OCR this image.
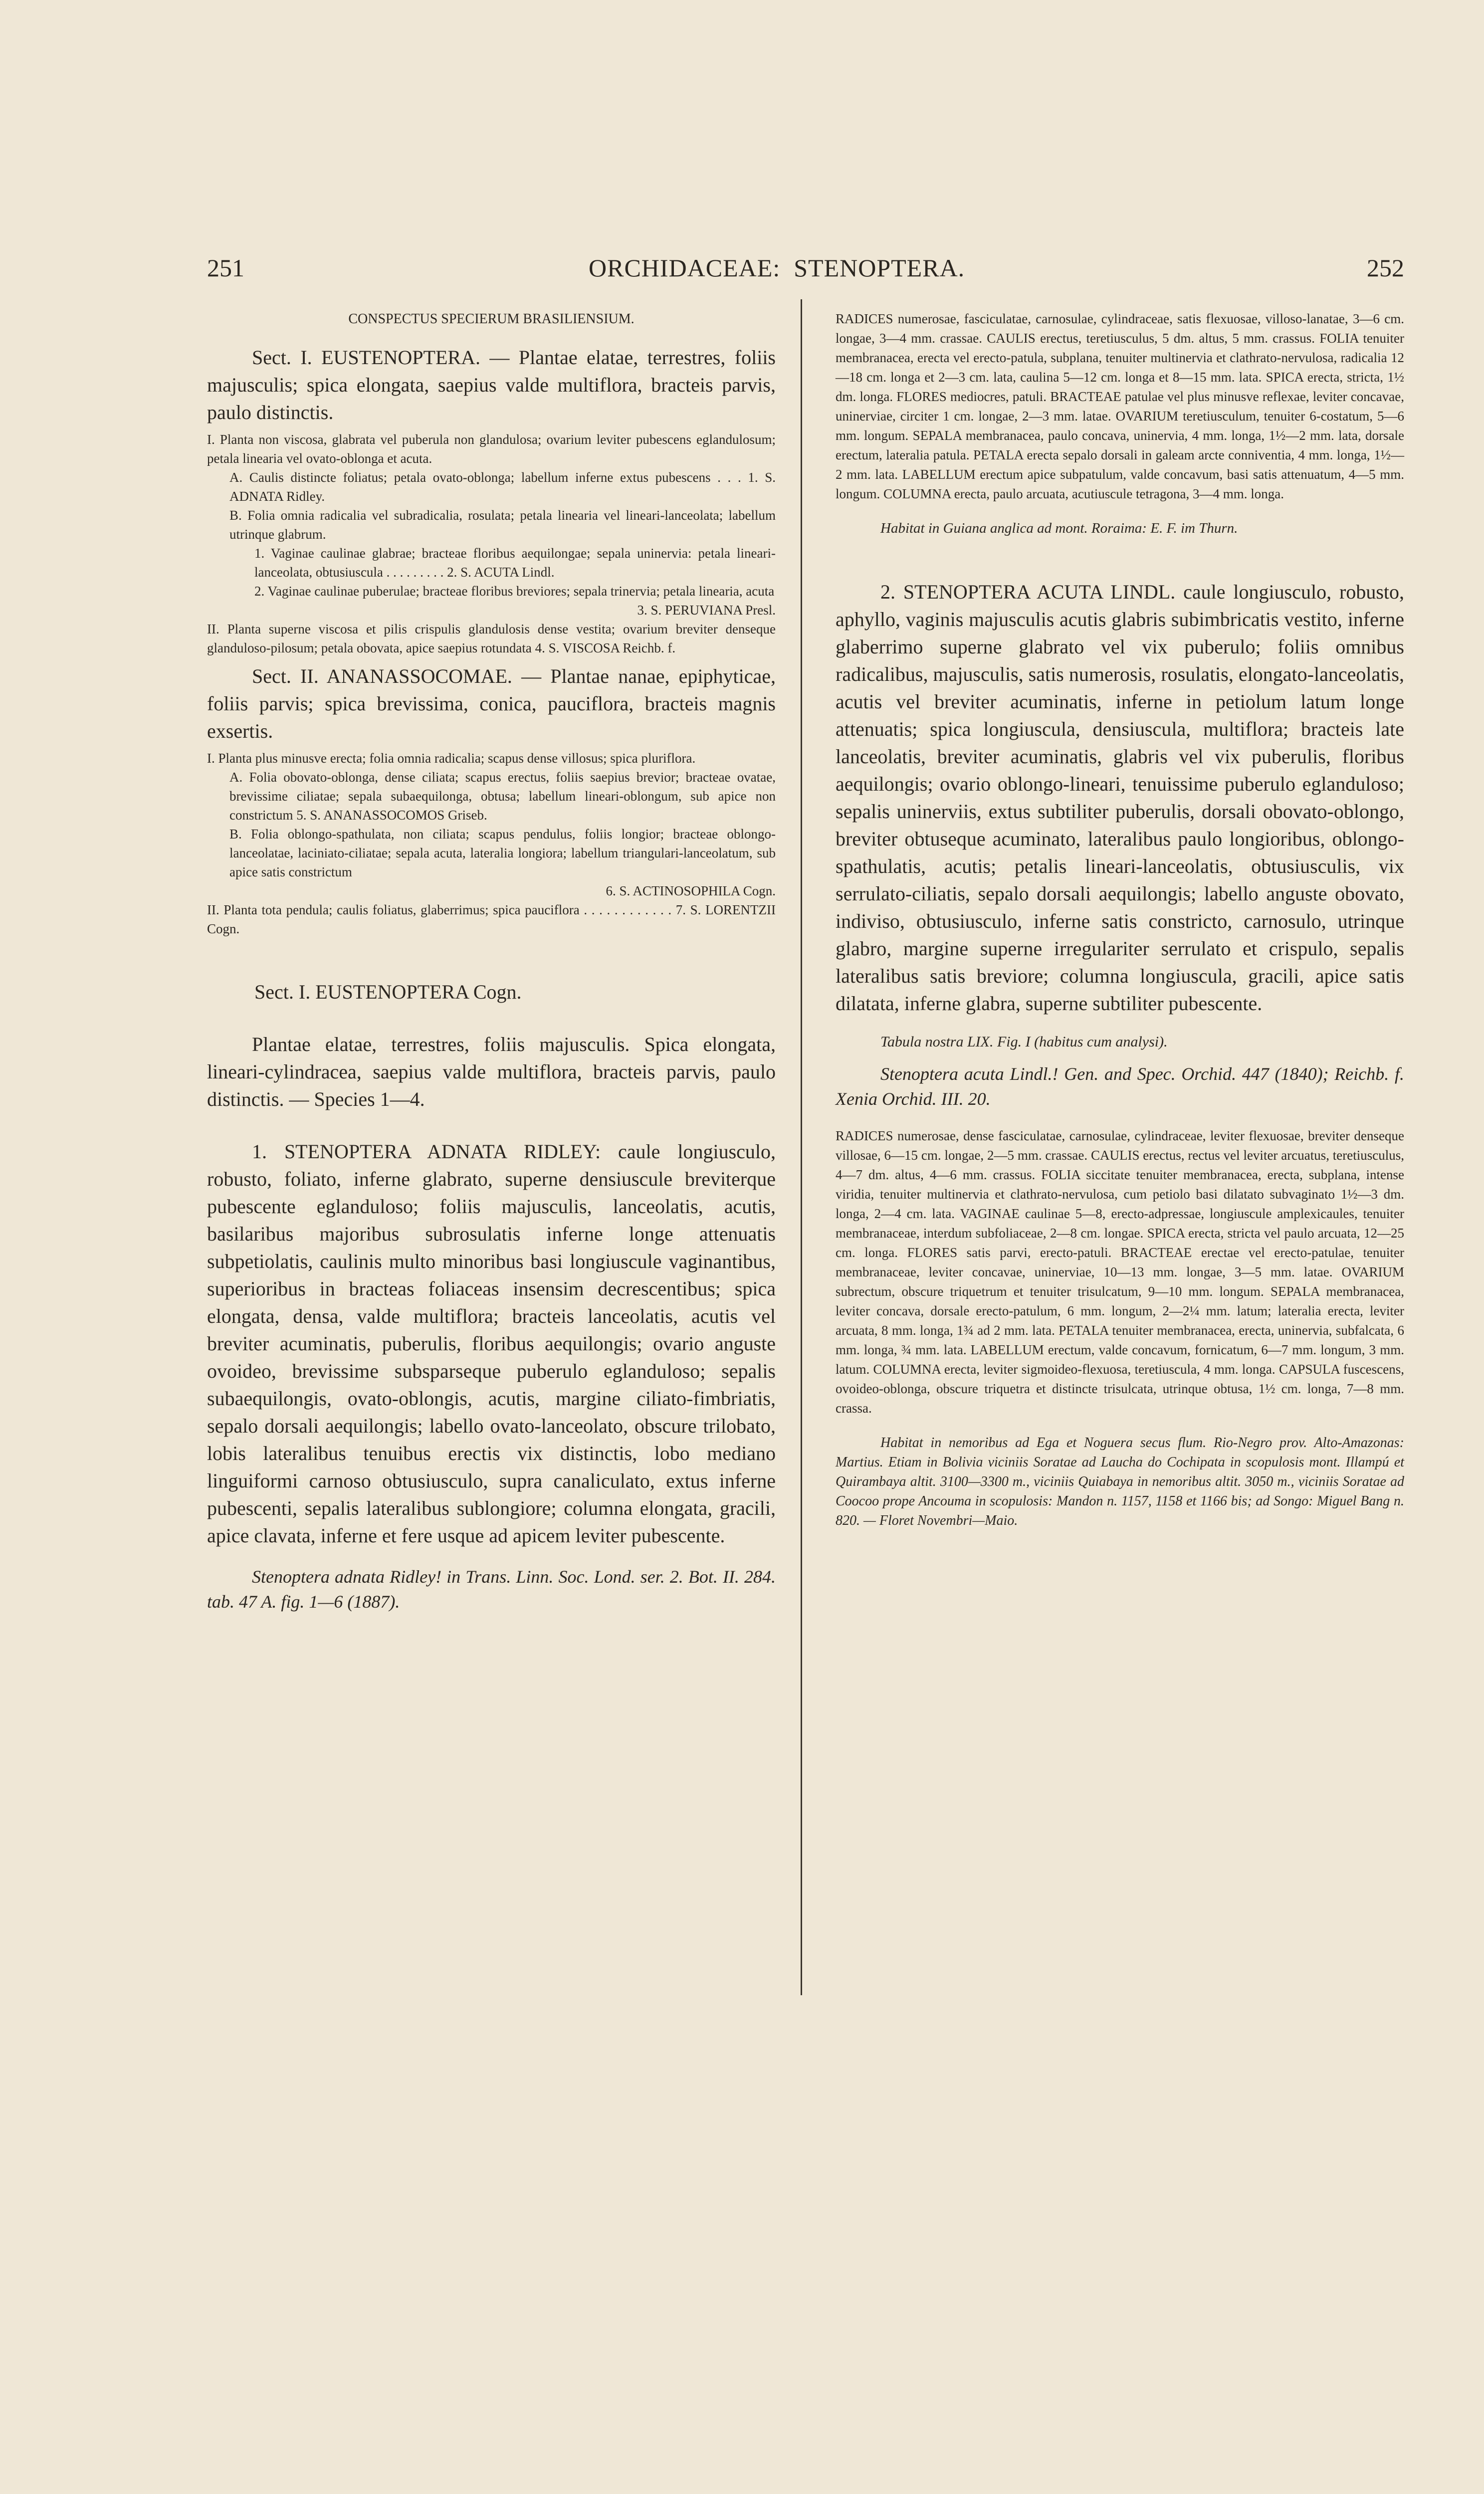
251	ORCHIDACEAE:  STENOPTERA.	252

CONSPECTUS SPECIERUM BRASILIENSIUM.

Sect. I. EUSTENOPTERA. — Plantae elatae, terrestres, foliis majusculis; spica elongata, saepius valde multiflora, bracteis parvis, paulo distinctis.

I. Planta non viscosa, glabrata vel puberula non glandulosa; ovarium leviter pubescens eglandulosum; petala linearia vel ovato-oblonga et acuta.

A. Caulis distincte foliatus; petala ovato-oblonga; labellum inferne extus pubescens . . . 1. S. ADNATA Ridley.

B. Folia omnia radicalia vel subradicalia, rosulata; petala linearia vel lineari-lanceolata; labellum utrinque glabrum.

1. Vaginae caulinae glabrae; bracteae floribus aequilongae; sepala uninervia: petala lineari-lanceolata, obtusiuscula . . . . . . . . . 2. S. ACUTA Lindl.

2. Vaginae caulinae puberulae; bracteae floribus breviores; sepala trinervia; petala linearia, acuta

3. S. PERUVIANA Presl.

II. Planta superne viscosa et pilis crispulis glandulosis dense vestita; ovarium breviter denseque glanduloso-pilosum; petala obovata, apice saepius rotundata 4. S. VISCOSA Reichb. f.

Sect. II. ANANASSOCOMAE. — Plantae nanae, epiphyticae, foliis parvis; spica brevissima, conica, pauciflora, bracteis magnis exsertis.

I. Planta plus minusve erecta; folia omnia radicalia; scapus dense villosus; spica pluriflora.

A. Folia obovato-oblonga, dense ciliata; scapus erectus, foliis saepius brevior; bracteae ovatae, brevissime ciliatae; sepala subaequilonga, obtusa; labellum lineari-oblongum, sub apice non constrictum 5. S. ANANASSOCOMOS Griseb.

B. Folia oblongo-spathulata, non ciliata; scapus pendulus, foliis longior; bracteae oblongo-lanceolatae, laciniato-ciliatae; sepala acuta, lateralia longiora; labellum triangulari-lanceolatum, sub apice satis constrictum

6. S. ACTINOSOPHILA Cogn.

II. Planta tota pendula; caulis foliatus, glaberrimus; spica pauciflora . . . . . . . . . . . . 7. S. LORENTZII Cogn.

Sect. I. EUSTENOPTERA Cogn.

Plantae elatae, terrestres, foliis majusculis. Spica elongata, lineari-cylindracea, saepius valde multiflora, bracteis parvis, paulo distinctis. — Species 1—4.

1. STENOPTERA ADNATA RIDLEY: caule longiusculo, robusto, foliato, inferne glabrato, superne densiuscule breviterque pubescente eglanduloso; foliis majusculis, lanceolatis, acutis, basilaribus majoribus subrosulatis inferne longe attenuatis subpetiolatis, caulinis multo minoribus basi longiuscule vaginantibus, superioribus in bracteas foliaceas insensim decrescentibus; spica elongata, densa, valde multiflora; bracteis lanceolatis, acutis vel breviter acuminatis, puberulis, floribus aequilongis; ovario anguste ovoideo, brevissime subsparseque puberulo eglanduloso; sepalis subaequilongis, ovato-oblongis, acutis, margine ciliato-fimbriatis, sepalo dorsali aequilongis; labello ovato-lanceolato, obscure trilobato, lobis lateralibus tenuibus erectis vix distinctis, lobo mediano linguiformi carnoso obtusiusculo, supra canaliculato, extus inferne pubescenti, sepalis lateralibus sublongiore; columna elongata, gracili, apice clavata, inferne et fere usque ad apicem leviter pubescente.

Stenoptera adnata Ridley! in Trans. Linn. Soc. Lond. ser. 2. Bot. II. 284. tab. 47 A. fig. 1—6 (1887).

RADICES numerosae, fasciculatae, carnosulae, cylindraceae, satis flexuosae, villoso-lanatae, 3—6 cm. longae, 3—4 mm. crassae. CAULIS erectus, teretiusculus, 5 dm. altus, 5 mm. crassus. FOLIA tenuiter membranacea, erecta vel erecto-patula, subplana, tenuiter multinervia et clathrato-nervulosa, radicalia 12—18 cm. longa et 2—3 cm. lata, caulina 5—12 cm. longa et 8—15 mm. lata. SPICA erecta, stricta, 1½ dm. longa. FLORES mediocres, patuli. BRACTEAE patulae vel plus minusve reflexae, leviter concavae, uninerviae, circiter 1 cm. longae, 2—3 mm. latae. OVARIUM teretiusculum, tenuiter 6-costatum, 5—6 mm. longum. SEPALA membranacea, paulo concava, uninervia, 4 mm. longa, 1½—2 mm. lata, dorsale erectum, lateralia patula. PETALA erecta sepalo dorsali in galeam arcte conniventia, 4 mm. longa, 1½—2 mm. lata. LABELLUM erectum apice subpatulum, valde concavum, basi satis attenuatum, 4—5 mm. longum. COLUMNA erecta, paulo arcuata, acutiuscule tetragona, 3—4 mm. longa.

Habitat in Guiana anglica ad mont. Roraima: E. F. im Thurn.

2. STENOPTERA ACUTA LINDL. caule longiusculo, robusto, aphyllo, vaginis majusculis acutis glabris subimbricatis vestito, inferne glaberrimo superne glabrato vel vix puberulo; foliis omnibus radicalibus, majusculis, satis numerosis, rosulatis, elongato-lanceolatis, acutis vel breviter acuminatis, inferne in petiolum latum longe attenuatis; spica longiuscula, densiuscula, multiflora; bracteis late lanceolatis, breviter acuminatis, glabris vel vix puberulis, floribus aequilongis; ovario oblongo-lineari, tenuissime puberulo eglanduloso; sepalis uninerviis, extus subtiliter puberulis, dorsali obovato-oblongo, breviter obtuseque acuminato, lateralibus paulo longioribus, oblongo-spathulatis, acutis; petalis lineari-lanceolatis, obtusiusculis, vix serrulato-ciliatis, sepalo dorsali aequilongis; labello anguste obovato, indiviso, obtusiusculo, inferne satis constricto, carnosulo, utrinque glabro, margine superne irregulariter serrulato et crispulo, sepalis lateralibus satis breviore; columna longiuscula, gracili, apice satis dilatata, inferne glabra, superne subtiliter pubescente.

Tabula nostra LIX. Fig. I (habitus cum analysi).

Stenoptera acuta Lindl.! Gen. and Spec. Orchid. 447 (1840); Reichb. f. Xenia Orchid. III. 20.

RADICES numerosae, dense fasciculatae, carnosulae, cylindraceae, leviter flexuosae, breviter denseque villosae, 6—15 cm. longae, 2—5 mm. crassae. CAULIS erectus, rectus vel leviter arcuatus, teretiusculus, 4—7 dm. altus, 4—6 mm. crassus. FOLIA siccitate tenuiter membranacea, erecta, subplana, intense viridia, tenuiter multinervia et clathrato-nervulosa, cum petiolo basi dilatato subvaginato 1½—3 dm. longa, 2—4 cm. lata. VAGINAE caulinae 5—8, erecto-adpressae, longiuscule amplexicaules, tenuiter membranaceae, interdum subfoliaceae, 2—8 cm. longae. SPICA erecta, stricta vel paulo arcuata, 12—25 cm. longa. FLORES satis parvi, erecto-patuli. BRACTEAE erectae vel erecto-patulae, tenuiter membranaceae, leviter concavae, uninerviae, 10—13 mm. longae, 3—5 mm. latae. OVARIUM subrectum, obscure triquetrum et tenuiter trisulcatum, 9—10 mm. longum. SEPALA membranacea, leviter concava, dorsale erecto-patulum, 6 mm. longum, 2—2¼ mm. latum; lateralia erecta, leviter arcuata, 8 mm. longa, 1¾ ad 2 mm. lata. PETALA tenuiter membranacea, erecta, uninervia, subfalcata, 6 mm. longa, ¾ mm. lata. LABELLUM erectum, valde concavum, fornicatum, 6—7 mm. longum, 3 mm. latum. COLUMNA erecta, leviter sigmoideo-flexuosa, teretiuscula, 4 mm. longa. CAPSULA fuscescens, ovoideo-oblonga, obscure triquetra et distincte trisulcata, utrinque obtusa, 1½ cm. longa, 7—8 mm. crassa.

Habitat in nemoribus ad Ega et Noguera secus flum. Rio-Negro prov. Alto-Amazonas: Martius. Etiam in Bolivia viciniis Soratae ad Laucha do Cochipata in scopulosis mont. Illampú et Quirambaya altit. 3100—3300 m., viciniis Quiabaya in nemoribus altit. 3050 m., viciniis Soratae ad Coocoo prope Ancouma in scopulosis: Mandon n. 1157, 1158 et 1166 bis; ad Songo: Miguel Bang n. 820. — Floret Novembri—Maio.
